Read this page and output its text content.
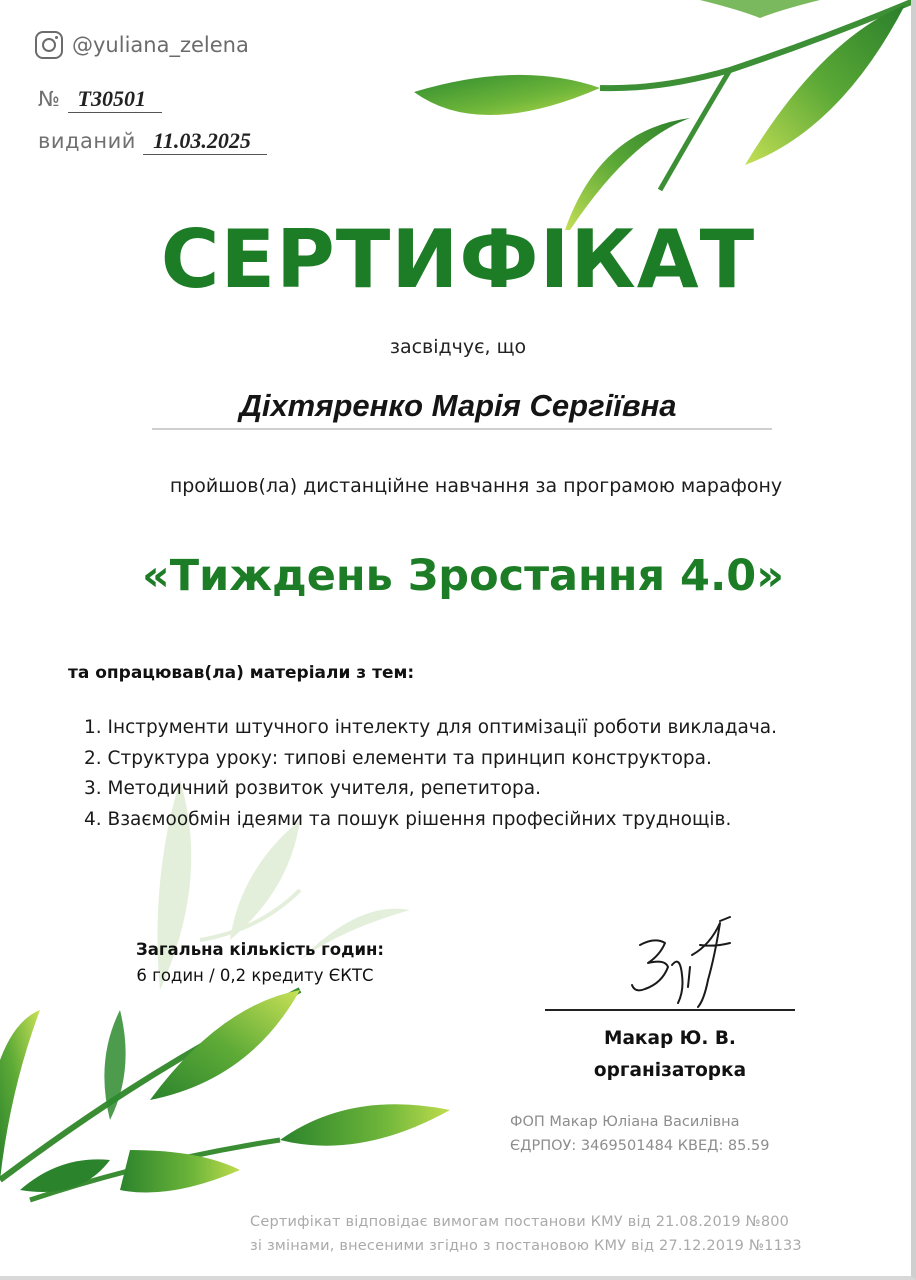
@yuliana_zelena
№ T30501
виданий 11.03.2025
СЕРТИФІКАТ
засвідчує, що
Діхтяренко Марія Сергіївна
пройшов(ла) дистанційне навчання за програмою марафону
«Тиждень Зростання 4.0»
та опрацював(ла) матеріали з тем:
1. Інструменти штучного інтелекту для оптимізації роботи викладача.
2. Структура уроку: типові елементи та принцип конструктора.
3. Методичний розвиток учителя, репетитора.
4. Взаємообмін ідеями та пошук рішення професійних труднощів.
Загальна кількість годин:
6 годин / 0,2 кредиту ЄКТС
Макар Ю. В.
організаторка
ФОП Макар Юліана Василівна
ЄДРПОУ: 3469501484 КВЕД: 85.59
Сертифікат відповідає вимогам постанови КМУ від 21.08.2019 №800
зі змінами, внесеними згідно з постановою КМУ від 27.12.2019 №1133
